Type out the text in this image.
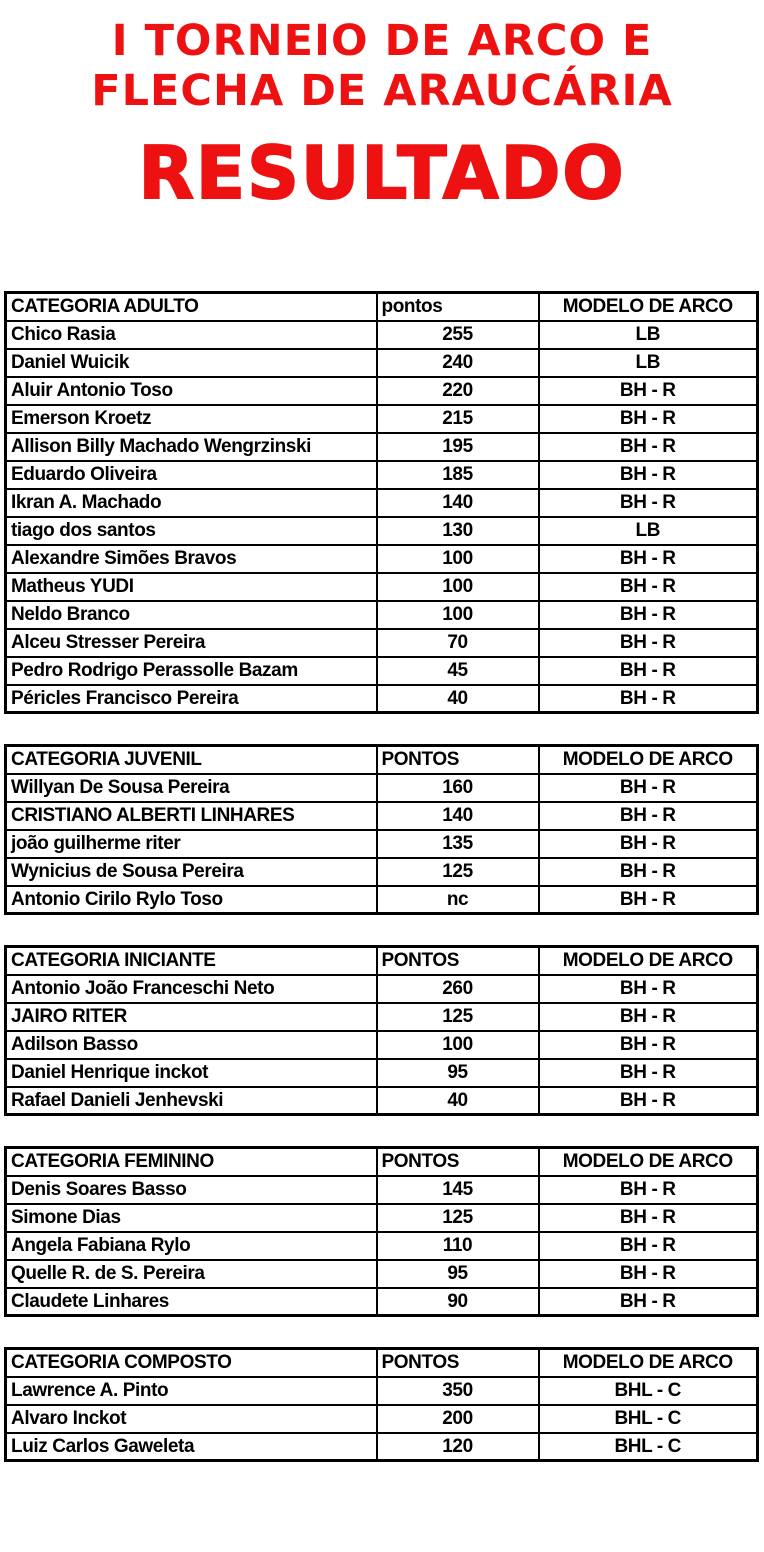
I TORNEIO DE ARCO E
FLECHA DE ARAUCÁRIA
RESULTADO
CATEGORIA ADULTO	pontos	MODELO DE ARCO
Chico Rasia	255	LB
Daniel Wuicik	240	LB
Aluir Antonio Toso	220	BH - R
Emerson Kroetz	215	BH - R
Allison Billy Machado Wengrzinski	195	BH - R
Eduardo Oliveira	185	BH - R
Ikran A. Machado	140	BH - R
tiago dos santos	130	LB
Alexandre Simões Bravos	100	BH - R
Matheus YUDI	100	BH - R
Neldo Branco	100	BH - R
Alceu Stresser Pereira	70	BH - R
Pedro Rodrigo Perassolle Bazam	45	BH - R
Péricles Francisco Pereira	40	BH - R
CATEGORIA JUVENIL	PONTOS	MODELO DE ARCO
Willyan De Sousa Pereira	160	BH - R
CRISTIANO ALBERTI LINHARES	140	BH - R
joão guilherme riter	135	BH - R
Wynicius de Sousa Pereira	125	BH - R
Antonio Cirilo Rylo Toso	nc	BH - R
CATEGORIA INICIANTE	PONTOS	MODELO DE ARCO
Antonio João Franceschi Neto	260	BH - R
JAIRO RITER	125	BH - R
Adilson Basso	100	BH - R
Daniel Henrique inckot	95	BH - R
Rafael Danieli Jenhevski	40	BH - R
CATEGORIA FEMININO	PONTOS	MODELO DE ARCO
Denis Soares Basso	145	BH - R
Simone Dias	125	BH - R
Angela Fabiana Rylo	110	BH - R
Quelle R. de S. Pereira	95	BH - R
Claudete Linhares	90	BH - R
CATEGORIA COMPOSTO	PONTOS	MODELO DE ARCO
Lawrence A. Pinto	350	BHL - C
Alvaro Inckot	200	BHL - C
Luiz Carlos Gaweleta	120	BHL - C
